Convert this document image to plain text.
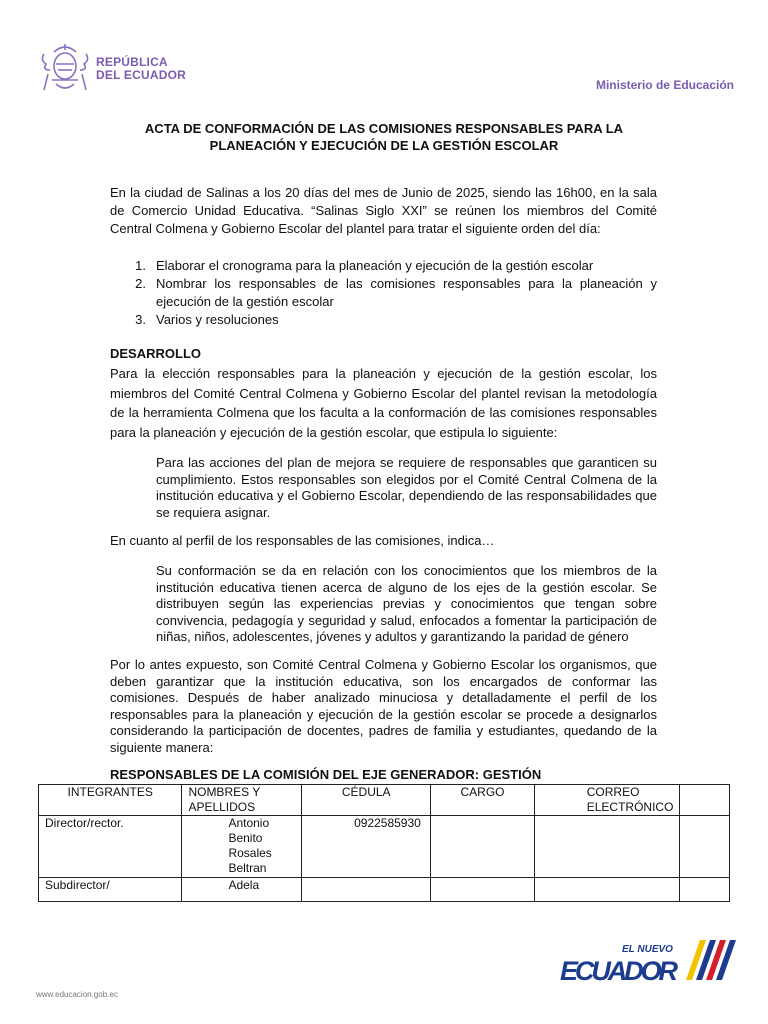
REPÚBLICA
DEL ECUADOR
Ministerio de Educación
ACTA DE CONFORMACIÓN DE LAS COMISIONES RESPONSABLES PARA LA
PLANEACIÓN Y EJECUCIÓN DE LA GESTIÓN ESCOLAR
En la ciudad de Salinas a los 20 días del mes de Junio de 2025, siendo las 16h00, en la sala de Comercio Unidad Educativa. “Salinas Siglo XXI” se reúnen los miembros del Comité Central Colmena y Gobierno Escolar del plantel para tratar el siguiente orden del día:
1. Elaborar el cronograma para la planeación y ejecución de la gestión escolar
2. Nombrar los responsables de las comisiones responsables para la planeación y ejecución de la gestión escolar
3. Varios y resoluciones
DESARROLLO
Para la elección responsables para la planeación y ejecución de la gestión escolar, los miembros del Comité Central Colmena y Gobierno Escolar del plantel revisan la metodología de la herramienta Colmena que los faculta a la conformación de las comisiones responsables para la planeación y ejecución de la gestión escolar, que estipula lo siguiente:
Para las acciones del plan de mejora se requiere de responsables que garanticen su cumplimiento. Estos responsables son elegidos por el Comité Central Colmena de la institución educativa y el Gobierno Escolar, dependiendo de las responsabilidades que se requiera asignar.
En cuanto al perfil de los responsables de las comisiones, indica…
Su conformación se da en relación con los conocimientos que los miembros de la institución educativa tienen acerca de alguno de los ejes de la gestión escolar. Se distribuyen según las experiencias previas y conocimientos que tengan sobre convivencia, pedagogía y seguridad y salud, enfocados a fomentar la participación de niñas, niños, adolescentes, jóvenes y adultos y garantizando la paridad de género
Por lo antes expuesto, son Comité Central Colmena y Gobierno Escolar los organismos, que deben garantizar que la institución educativa, son los encargados de conformar las comisiones. Después de haber analizado minuciosa y detalladamente el perfil de los responsables para la planeación y ejecución de la gestión escolar se procede a designarlos considerando la participación de docentes, padres de familia y estudiantes, quedando de la siguiente manera:
RESPONSABLES DE LA COMISIÓN DEL EJE GENERADOR: GESTIÓN
INTEGRANTES	NOMBRES Y APELLIDOS	CÉDULA	CARGO	CORREO ELECTRÓNICO	
Director/rector.	Antonio Benito Rosales Beltran	0922585930			
Subdirector/	Adela				
EL NUEVO
ECUADOR
www.educacion.gob.ec
